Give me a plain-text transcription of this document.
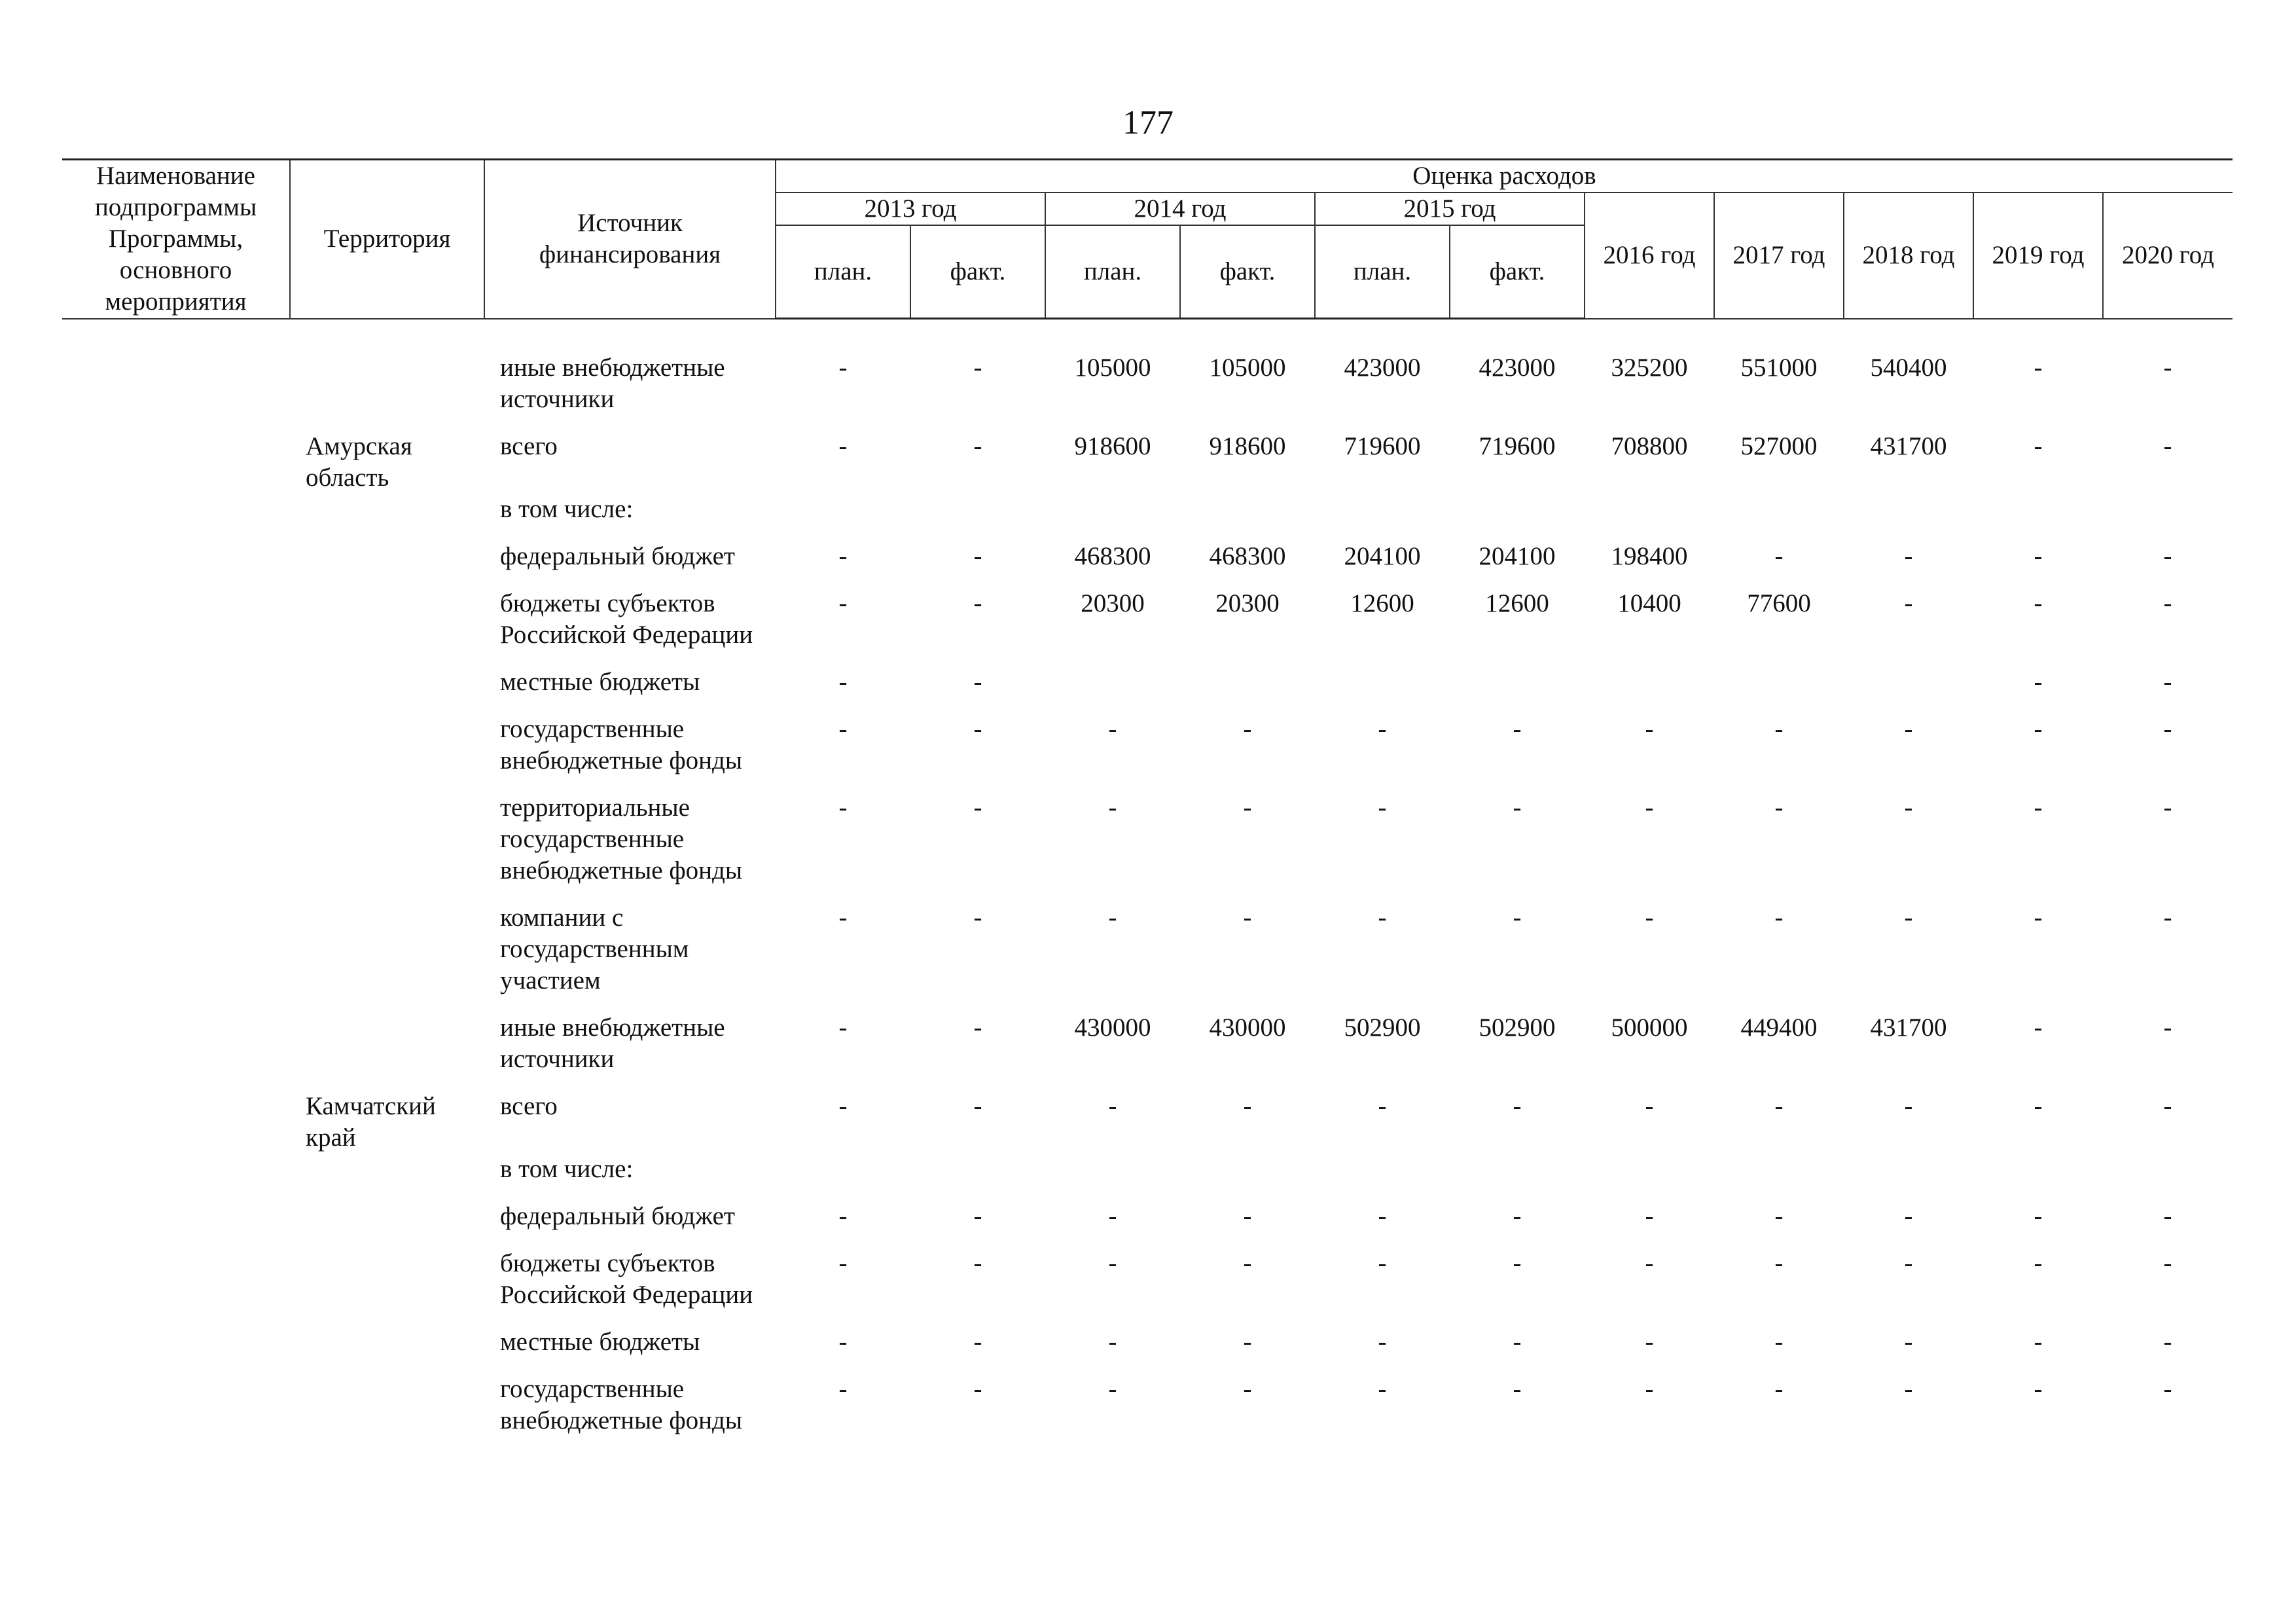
177
Наименование подпрограммы Программы, основного мероприятия	Территория	Источник финансирования	Оценка расходов										
			2013 год		2014 год		2015 год		2016 год	2017 год	2018 год	2019 год	2020 год
			план.	факт.	план.	факт.	план.	факт.					
		иные внебюджетные источники	-	-	105000	105000	423000	423000	325200	551000	540400	-	-
	Амурская область	всего	-	-	918600	918600	719600	719600	708800	527000	431700	-	-
		в том числе:											
		федеральный бюджет	-	-	468300	468300	204100	204100	198400	-	-	-	-
		бюджеты субъектов Российской Федерации	-	-	20300	20300	12600	12600	10400	77600	-	-	-
		местные бюджеты	-	-								-	-
		государственные внебюджетные фонды	-	-	-	-	-	-	-	-	-	-	-
		территориальные государственные внебюджетные фонды	-	-	-	-	-	-	-	-	-	-	-
		компании с государственным участием	-	-	-	-	-	-	-	-	-	-	-
		иные внебюджетные источники	-	-	430000	430000	502900	502900	500000	449400	431700	-	-
	Камчатский край	всего	-	-	-	-	-	-	-	-	-	-	-
		в том числе:											
		федеральный бюджет	-	-	-	-	-	-	-	-	-	-	-
		бюджеты субъектов Российской Федерации	-	-	-	-	-	-	-	-	-	-	-
		местные бюджеты	-	-	-	-	-	-	-	-	-	-	-
		государственные внебюджетные фонды	-	-	-	-	-	-	-	-	-	-	-
